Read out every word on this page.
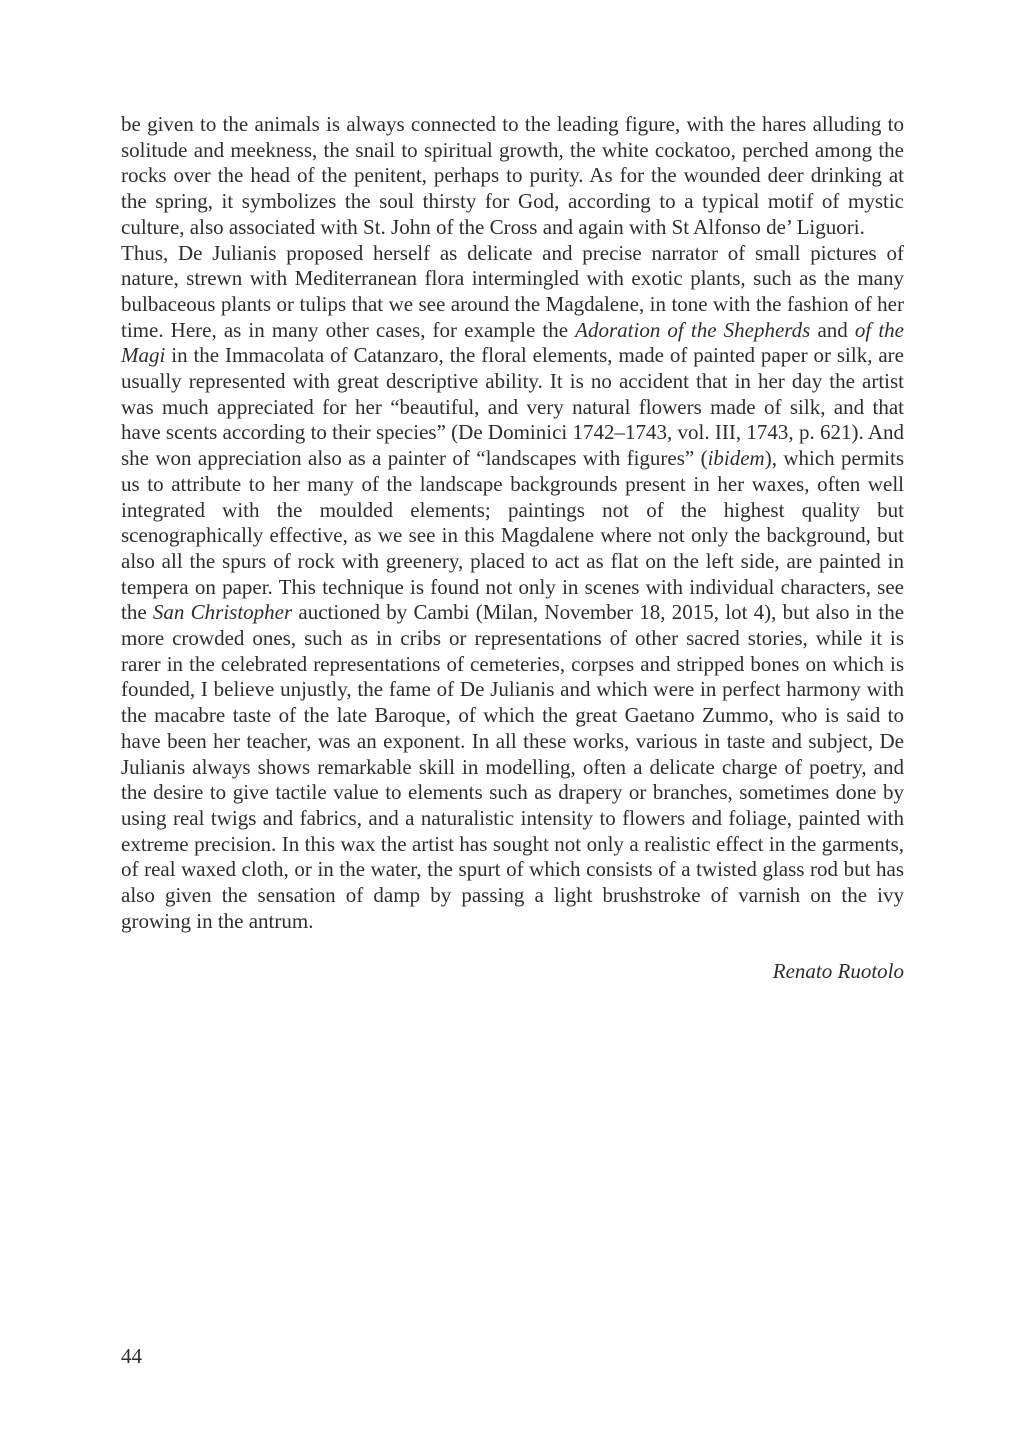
be given to the animals is always connected to the leading figure, with the hares alluding to solitude and meekness, the snail to spiritual growth, the white cockatoo, perched among the rocks over the head of the penitent, perhaps to purity. As for the wounded deer drinking at the spring, it symbolizes the soul thirsty for God, according to a typical motif of mystic culture, also associated with St. John of the Cross and again with St Alfonso de’ Liguori.

Thus, De Julianis proposed herself as delicate and precise narrator of small pictures of nature, strewn with Mediterranean flora intermingled with exotic plants, such as the many bulbaceous plants or tulips that we see around the Magdalene, in tone with the fashion of her time. Here, as in many other cases, for example the Adoration of the Shepherds and of the Magi in the Immacolata of Catanzaro, the floral elements, made of painted paper or silk, are usually represented with great descriptive ability. It is no accident that in her day the artist was much appreciated for her “beautiful, and very natural flowers made of silk, and that have scents according to their species” (De Dominici 1742–1743, vol. III, 1743, p. 621). And she won appreciation also as a painter of “landscapes with figures” (ibidem), which permits us to attribute to her many of the landscape backgrounds present in her waxes, often well integrated with the moulded elements; paintings not of the highest quality but scenographically effective, as we see in this Magdalene where not only the background, but also all the spurs of rock with greenery, placed to act as flat on the left side, are painted in tempera on paper. This technique is found not only in scenes with individual characters, see the San Christopher auctioned by Cambi (Milan, November 18, 2015, lot 4), but also in the more crowded ones, such as in cribs or representations of other sacred stories, while it is rarer in the celebrated representations of cemeteries, corpses and stripped bones on which is founded, I believe unjustly, the fame of De Julianis and which were in perfect harmony with the macabre taste of the late Baroque, of which the great Gaetano Zummo, who is said to have been her teacher, was an exponent. In all these works, various in taste and subject, De Julianis always shows remarkable skill in modelling, often a delicate charge of poetry, and the desire to give tactile value to elements such as drapery or branches, sometimes done by using real twigs and fabrics, and a naturalistic intensity to flowers and foliage, painted with extreme precision. In this wax the artist has sought not only a realistic effect in the garments, of real waxed cloth, or in the water, the spurt of which consists of a twisted glass rod but has also given the sensation of damp by passing a light brushstroke of varnish on the ivy growing in the antrum.

Renato Ruotolo

44
